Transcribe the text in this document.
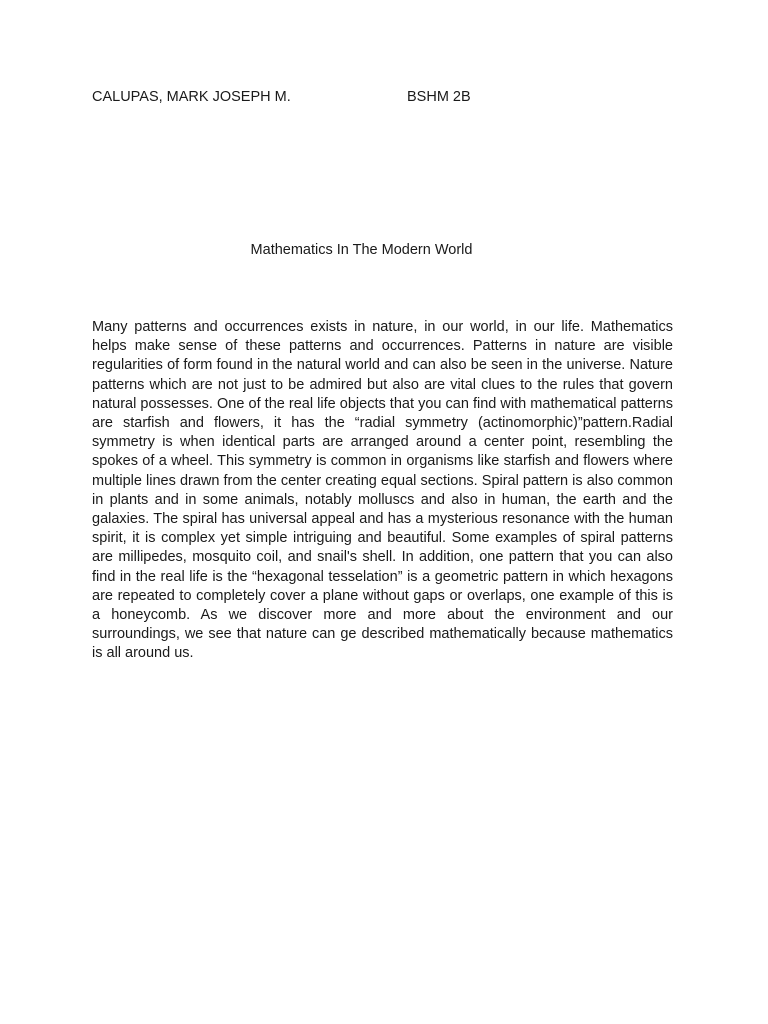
CALUPAS, MARK JOSEPH M.	BSHM 2B
Mathematics In The Modern World

Many patterns and occurrences exists in nature, in our world, in our life. Mathematics helps make sense of these patterns and occurrences. Patterns in nature are visible regularities of form found in the natural world and can also be seen in the universe. Nature patterns which are not just to be admired but also are vital clues to the rules that govern natural possesses. One of the real life objects that you can find with mathematical patterns are starfish and flowers, it has the “radial symmetry (actinomorphic)”pattern.Radial symmetry is when identical parts are arranged around a center point, resembling the spokes of a wheel. This symmetry is common in organisms like starfish and flowers where multiple lines drawn from the center creating equal sections. Spiral pattern is also common in plants and in some animals, notably molluscs and also in human, the earth and the galaxies. The spiral has universal appeal and has a mysterious resonance with the human spirit, it is complex yet simple intriguing and beautiful. Some examples of spiral patterns are millipedes, mosquito coil, and snail's shell. In addition, one pattern that you can also find in the real life is the “hexagonal tesselation” is a geometric pattern in which hexagons are repeated to completely cover a plane without gaps or overlaps, one example of this is a honeycomb. As we discover more and more about the environment and our surroundings, we see that nature can ge described mathematically because mathematics is all around us.
